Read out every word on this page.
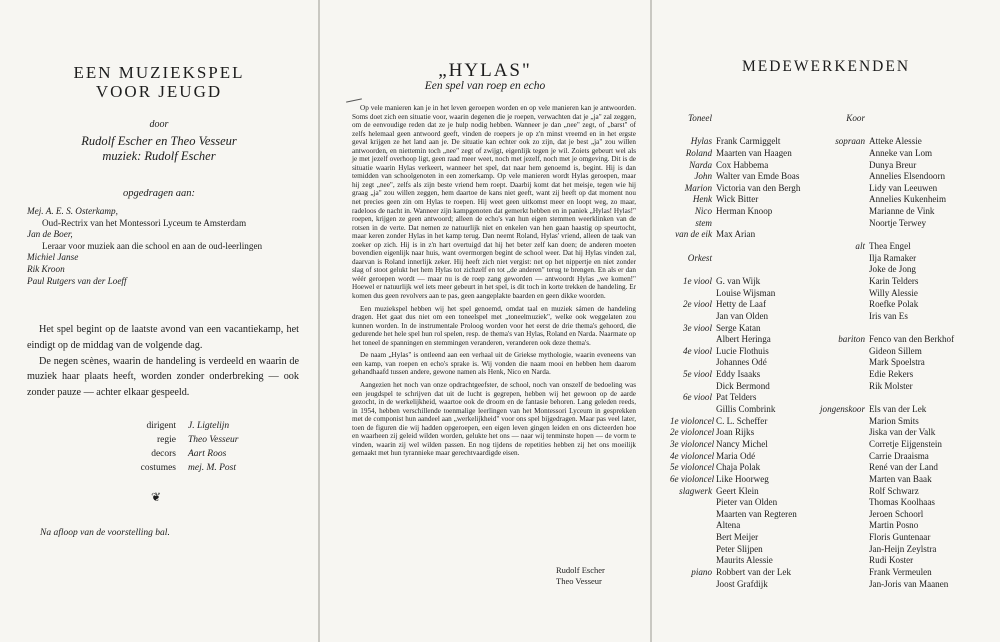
EEN MUZIEKSPEL
VOOR JEUGD
door
Rudolf Escher en Theo Vesseur
muziek: Rudolf Escher
opgedragen aan:
Mej. A. E. S. Osterkamp,
Oud-Rectrix van het Montessori Lyceum te Amsterdam
Jan de Boer,
Leraar voor muziek aan die school en aan de oud-leerlingen
Michiel Janse
Rik Kroon
Paul Rutgers van der Loeff

Het spel begint op de laatste avond van een vacantiekamp, het eindigt op de middag van de volgende dag.

De negen scènes, waarin de handeling is verdeeld en waarin de muziek haar plaats heeft, worden zonder onderbreking — ook zonder pauze — achter elkaar gespeeld.

dirigent	J. Ligtelijn
regie	Theo Vesseur
decors	Aart Roos
costumes	mej. M. Post
❦
Na afloop van de voorstelling bal.
„HYLAS"
Een spel van roep en echo

Op vele manieren kan je in het leven geroepen worden en op vele manieren kan je antwoorden. Soms doet zich een situatie voor, waarin degenen die je roepen, verwachten dat je „ja" zal zeggen, om de eenvoudige reden dat ze je hulp nodig hebben. Wanneer je dan „nee" zegt, of „barst" of zelfs helemaal geen antwoord geeft, vinden de roepers je op z'n minst vreemd en in het ergste geval krijgen ze het land aan je. De situatie kan echter ook zo zijn, dat je best „ja" zou willen antwoorden, en niettemin toch „nee" zegt of zwijgt, eigenlijk tegen je wil. Zoiets gebeurt wel als je met jezelf overhoop ligt, geen raad meer weet, noch met jezelf, noch met je omgeving. Dit is de situatie waarin Hylas verkeert, wanneer het spel, dat naar hem genoemd is, begint. Hij is dan temidden van schoolgenoten in een zomerkamp. Op vele manieren wordt Hylas geroepen, maar hij zegt „nee", zelfs als zijn beste vriend hem roept. Daarbij komt dat het meisje, tegen wie hij graag „ja" zou willen zeggen, hem daartoe de kans niet geeft, want zij heeft op dat moment nou net precies geen zin om Hylas te roepen. Hij weet geen uitkomst meer en loopt weg, zo maar, radeloos de nacht in. Wanneer zijn kampgenoten dat gemerkt hebben en in paniek „Hylas! Hylas!" roepen, krijgen ze geen antwoord; alleen de echo's van hun eigen stemmen weerklinken van de rotsen in de verte. Dat nemen ze natuurlijk niet en enkelen van hen gaan haastig op speurtocht, maar keren zonder Hylas in het kamp terug. Dan neemt Roland, Hylas' vriend, alleen de taak van zoeker op zich. Hij is in z'n hart overtuigd dat hij het beter zelf kan doen; de anderen moeten bovendien eigenlijk naar huis, want overmorgen begint de school weer. Dat hij Hylas vinden zal, daarvan is Roland innerlijk zeker. Hij heeft zich niet vergist: net op het nippertje en niet zonder slag of stoot gelukt het hem Hylas tot zichzelf en tot „de anderen" terug te brengen. En als er dan wéér geroepen wordt — maar nu is de roep zang geworden — antwoordt Hylas „we komen!" Hoewel er natuurlijk wel iets meer gebeurt in het spel, is dit toch in korte trekken de handeling. Er komen dus geen revolvers aan te pas, geen aangeplakte baarden en geen dikke woorden.

Een muziekspel hebben wij het spel genoemd, omdat taal en muziek sámen de handeling dragen. Het gaat dus niet om een toneelspel met „toneelmuziek", welke ook weggelaten zou kunnen worden. In de instrumentale Proloog worden voor het eerst de drie thema's gehoord, die gedurende het hele spel hun rol spelen, resp. de thema's van Hylas, Roland en Narda. Naarmate op het toneel de spanningen en stemmingen veranderen, veranderen ook deze thema's.

De naam „Hylas" is ontleend aan een verhaal uit de Griekse mythologie, waarin eveneens van een kamp, van roepen en echo's sprake is. Wij vonden die naam mooi en hebben hem daarom gehandhaafd tussen andere, gewone namen als Henk, Nico en Narda.

Aangezien het noch van onze opdrachtgeefster, de school, noch van onszelf de bedoeling was een jeugdspel te schrijven dat uit de lucht is gegrepen, hebben wij het gewoon op de aarde gezocht, in de werkelijkheid, waartoe ook de droom en de fantasie behoren. Lang geleden reeds, in 1954, hebben verschillende toenmalige leerlingen van het Montessori Lyceum in gesprekken met de componist hun aandeel aan „werkelijkheid" voor ons spel bijgedragen. Maar pas veel later, toen de figuren die wij hadden opgeroepen, een eigen leven gingen leiden en ons dicteerden hoe en waarheen zij geleid wilden worden, gelukte het ons — naar wij tenminste hopen — de vorm te vinden, waarin zij wel wilden passen. En nog tijdens de repetities hebben zij het ons moeilijk gemaakt met hun tyrannieke maar gerechtvaardigde eisen.

Rudolf Escher
Theo Vesseur
MEDEWERKENDEN
Toneel
Hylas Frank Carmiggelt
Roland Maarten van Haagen
Narda Cox Habbema
John Walter van Emde Boas
Marion Victoria van den Bergh
Henk Wick Bitter
Nico Herman Knoop
stem
van de eik Max Arian
Orkest
1e viool G. van Wijk
Louise Wijsman
2e viool Hetty de Laaf
Jan van Olden
3e viool Serge Katan
Albert Heringa
4e viool Lucie Flothuis
Johannes Odé
5e viool Eddy Isaaks
Dick Bermond
6e viool Pat Telders
Gillis Combrink
1e violoncel C. L. Scheffer
2e violoncel Joan Rijks
3e violoncel Nancy Michel
4e violoncel Maria Odé
5e violoncel Chaja Polak
6e violoncel Like Hoorweg
slagwerk Geert Klein
Pieter van Olden
Maarten van Regteren
Altena
Bert Meijer
Peter Slijpen
Maurits Alessie
piano Robbert van der Lek
Joost Grafdijk
Koor
sopraan Atteke Alessie
Anneke van Lom
Dunya Breur
Annelies Elsendoorn
Lidy van Leeuwen
Annelies Kukenheim
Marianne de Vink
Noortje Terwey
alt Thea Engel
Ilja Ramaker
Joke de Jong
Karin Telders
Willy Alessie
Roefke Polak
Iris van Es
bariton Fenco van den Berkhof
Gideon Sillem
Mark Spoelstra
Edie Rekers
Rik Molster
jongenskoor Els van der Lek
Marion Smits
Jiska van der Valk
Corretje Eijgenstein
Carrie Draaisma
René van der Land
Marten van Baak
Rolf Schwarz
Thomas Koolhaas
Jeroen Schoorl
Martin Posno
Floris Guntenaar
Jan-Heijn Zeylstra
Rudi Koster
Frank Vermeulen
Jan-Joris van Maanen
